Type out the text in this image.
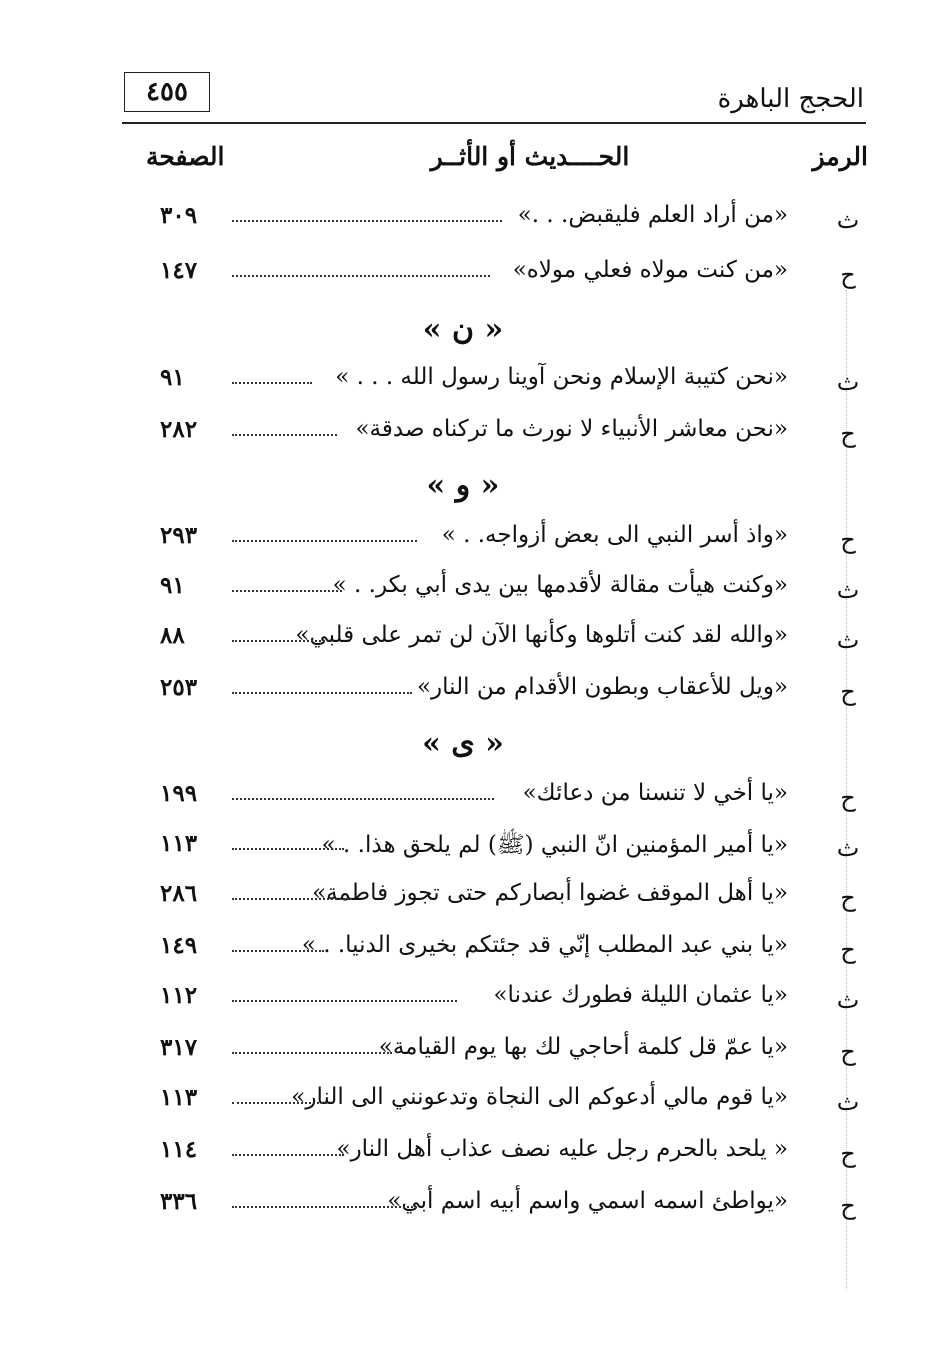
٤٥٥	الحجج الباهرة
الرمز
الحــــديث أو الأثــر
الصفحة
ث
«من أراد العلم فليقبض. . .»
٣٠٩
ح
«من كنت مولاه فعلي مولاه»
١٤٧
« ن »
ث
«نحن كتيبة الإسلام ونحن آوينا رسول الله . . . »
٩١
ح
«نحن معاشر الأنبياء لا نورث ما تركناه صدقة»
٢٨٢
« و »
ح
«واذ أسر النبي الى بعض أزواجه. . »
٢٩٣
ث
«وكنت هيأت مقالة لأقدمها بين يدى أبي بكر. . »
٩١
ث
«والله لقد كنت أتلوها وكأنها الآن لن تمر على قلبي»
٨٨
ح
«ويل للأعقاب وبطون الأقدام من النار»
٢٥٣
« ى »
ح
«يا أخي لا تنسنا من دعائك»
١٩٩
ث
«يا أمير المؤمنين انّ النبي (ﷺ) لم يلحق هذا. . »
١١٣
ح
«يا أهل الموقف غضوا أبصاركم حتى تجوز فاطمة»
٢٨٦
ح
«يا بني عبد المطلب إنّي قد جئتكم بخيرى الدنيا. . »
١٤٩
ث
«يا عثمان الليلة فطورك عندنا»
١١٢
ح
«يا عمّ قل كلمة أحاجي لك بها يوم القيامة»
٣١٧
ث
«يا قوم مالي أدعوكم الى النجاة وتدعونني الى النار»
١١٣
ح
« يلحد بالحرم رجل عليه نصف عذاب أهل النار»
١١٤
ح
«يواطئ اسمه اسمي واسم أبيه اسم أبي»
٣٣٦
